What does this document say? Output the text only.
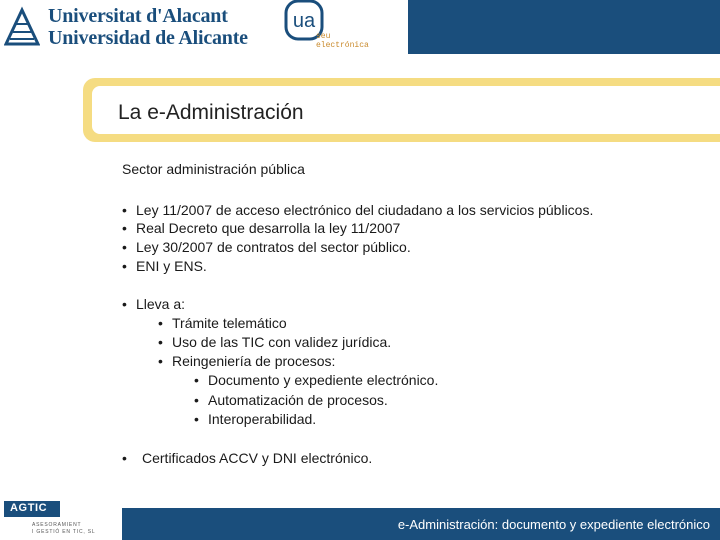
Universitat d'Alacant
Universidad de Alicante
ua
seu
electrónica
La e-Administración
Sector administración pública
• Ley 11/2007 de acceso electrónico del ciudadano a los servicios públicos.
• Real Decreto que desarrolla la ley 11/2007
• Ley 30/2007 de contratos del sector público.
• ENI y ENS.
• Lleva a:
• Trámite telemático
• Uso de las TIC con validez jurídica.
• Reingeniería de procesos:
• Documento y expediente electrónico.
• Automatización de procesos.
• Interoperabilidad.
• Certificados ACCV y DNI electrónico.
AGTIC
ASESORAMIENT
I GESTIÓ EN TIC, SL	e-Administración: documento y expediente electrónico
